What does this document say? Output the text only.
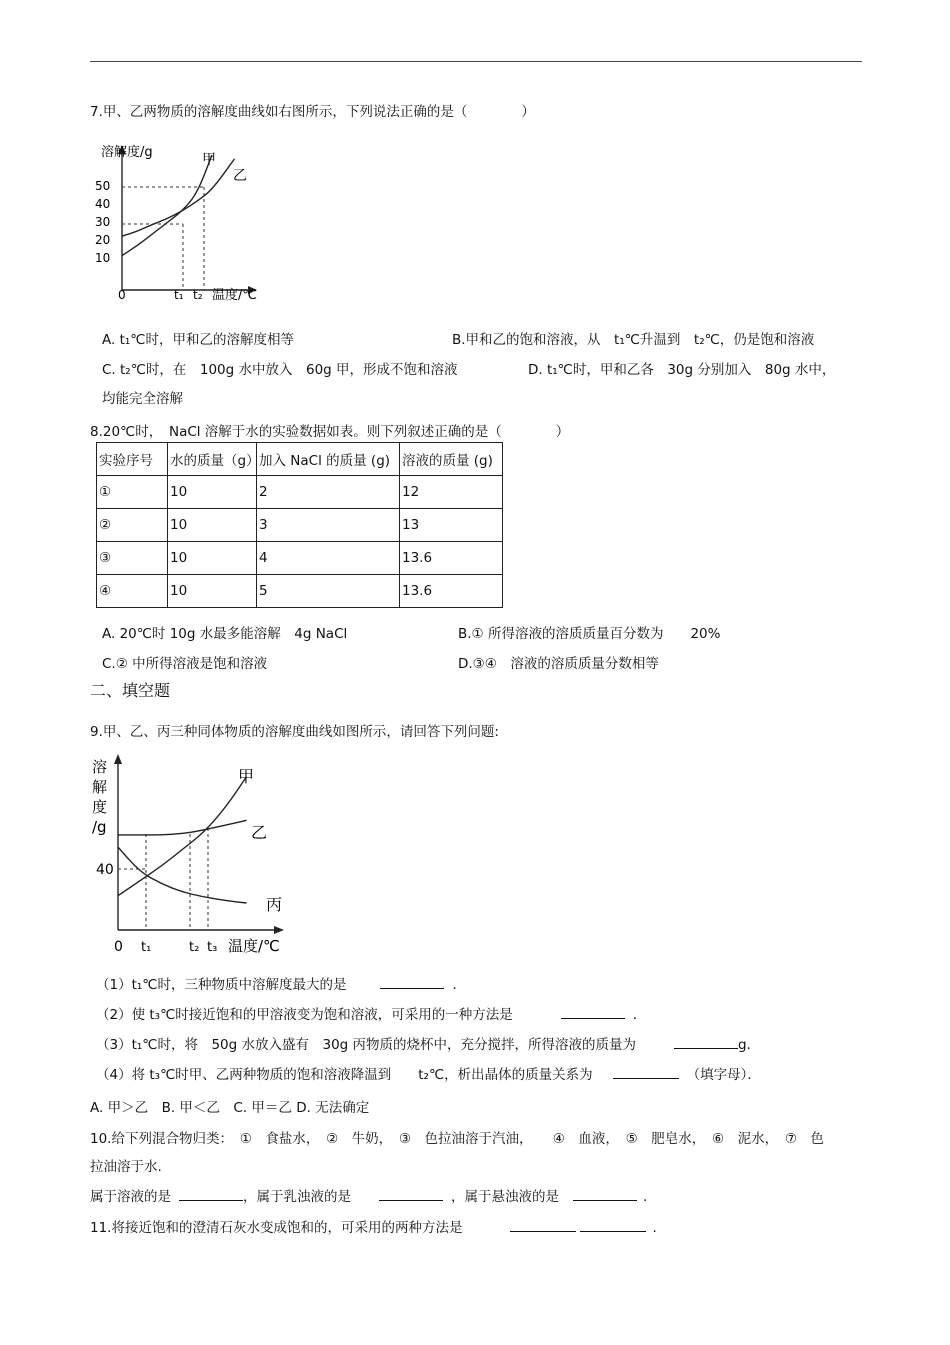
7.甲、乙两物质的溶解度曲线如右图所示，下列说法正确的是（　　　　）
溶解度/g
0	温度/℃
10
20
30
40
50
t₁ t₂
甲
乙
A. t₁℃时，甲和乙的溶解度相等	B.甲和乙的饱和溶液，从　t₁℃升温到　t₂℃，仍是饱和溶液
C. t₂℃时，在　100g 水中放入　60g 甲，形成不饱和溶液	D. t₁℃时，甲和乙各　30g 分别加入　80g 水中，
均能完全溶解
8.20℃时，　NaCl 溶解于水的实验数据如表。则下列叙述正确的是（　　　　）
实验序号	水的质量（g）	加入 NaCl 的质量 (g)	溶液的质量 (g)
①	10	2	12
②	10	3	13
③	10	4	13.6
④	10	5	13.6
A. 20℃时 10g 水最多能溶解　4g NaCl	B.① 所得溶液的溶质质量百分数为　　20%
C.② 中所得溶液是饱和溶液	D.③④　溶液的溶质质量分数相等
二、填空题
9.甲、乙、丙三种同体物质的溶解度曲线如图所示，请回答下列问题:
溶
解
度
/g
40
0 t₁	t₂ t₃ 温度/℃
甲
乙
丙
（1）t₁℃时，三种物质中溶解度最大的是	．
（2）使 t₃℃时接近饱和的甲溶液变为饱和溶液，可采用的一种方法是	．
（3）t₁℃时，将　50g 水放入盛有　30g 丙物质的烧杯中，充分搅拌，所得溶液的质量为	g．
（4）将 t₃℃时甲、乙两种物质的饱和溶液降温到　　t₂℃，析出晶体的质量关系为	（填字母）．
A. 甲＞乙　B. 甲＜乙　C. 甲＝乙 D. 无法确定
10.给下列混合物归类：　①　食盐水，　②　牛奶，　③　色拉油溶于汽油，　　④　血液，　⑤　肥皂水，　⑥　泥水，　⑦　色
拉油溶于水.
属于溶液的是	，属于乳浊液的是	，属于悬浊液的是	.
11.将接近饱和的澄清石灰水变成饱和的，可采用的两种方法是	.
